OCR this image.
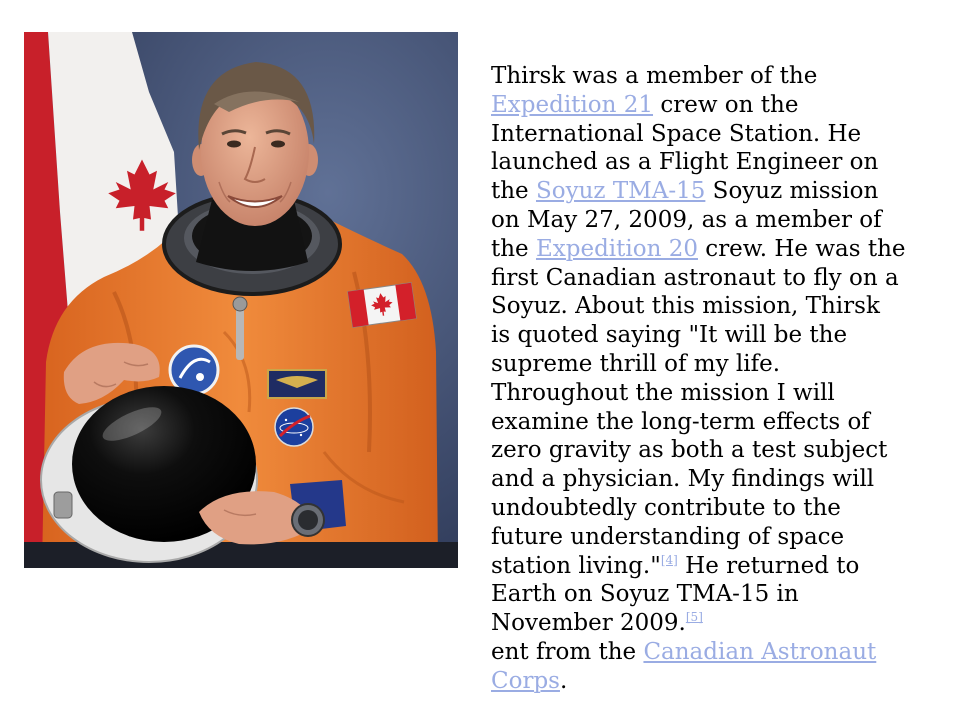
Thirsk was a member of the
Expedition 21 crew on the
International Space Station. He
launched as a Flight Engineer on
the Soyuz TMA-15 Soyuz mission
on May 27, 2009, as a member of
the Expedition 20 crew. He was the
first Canadian astronaut to fly on a
Soyuz. About this mission, Thirsk
is quoted saying "It will be the
supreme thrill of my life.
Throughout the mission I will
examine the long-term effects of
zero gravity as both a test subject
and a physician. My findings will
undoubtedly contribute to the
future understanding of space
station living."[4] He returned to
Earth on Soyuz TMA-15 in
November 2009.[5]
ent from the Canadian Astronaut
Corps.
